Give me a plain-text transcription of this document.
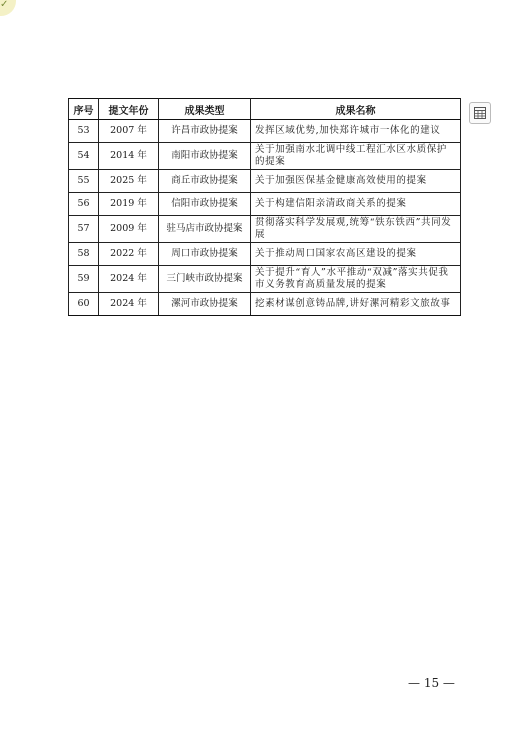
✓
序号	提文年份	成果类型	成果名称
53	2007 年	许昌市政协提案	发挥区域优势,加快郑许城市一体化的建议
54	2014 年	南阳市政协提案	关于加强南水北调中线工程汇水区水质保护的提案
55	2025 年	商丘市政协提案	关于加强医保基金健康高效使用的提案
56	2019 年	信阳市政协提案	关于构建信阳亲清政商关系的提案
57	2009 年	驻马店市政协提案	贯彻落实科学发展观,统筹“铁东铁西”共同发展
58	2022 年	周口市政协提案	关于推动周口国家农高区建设的提案
59	2024 年	三门峡市政协提案	关于提升“育人”水平推动“双减”落实共促我市义务教育高质量发展的提案
60	2024 年	漯河市政协提案	挖素材谋创意铸品牌,讲好漯河精彩文旅故事
— 15 —
